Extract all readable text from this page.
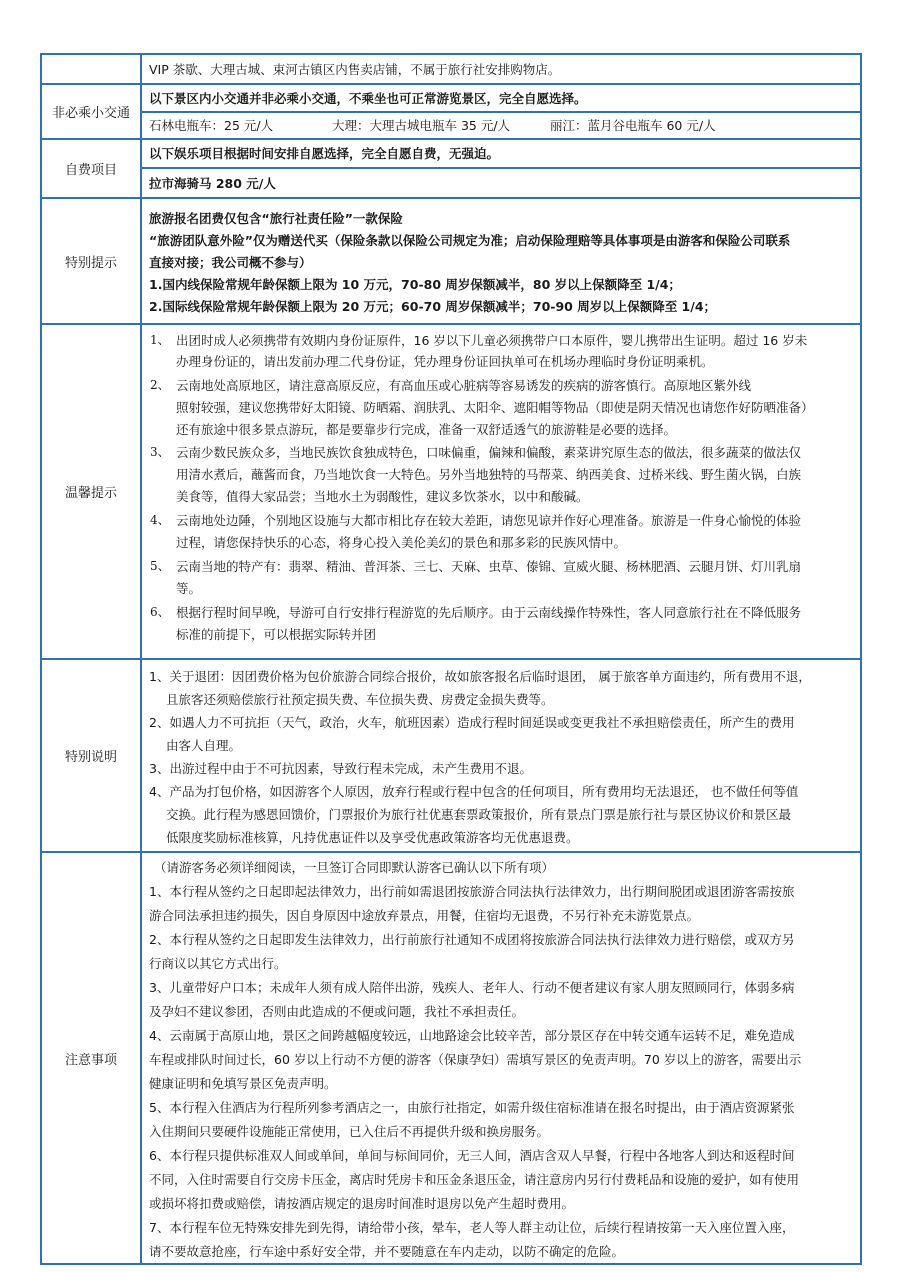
VIP 茶歇、大理古城、束河古镇区内售卖店铺，不属于旅行社安排购物店。
非必乘小交通
以下景区内小交通并非必乘小交通，不乘坐也可正常游览景区，完全自愿选择。
石林电瓶车：25 元/人	大理：大理古城电瓶车 35 元/人	丽江：蓝月谷电瓶车 60 元/人
自费项目
以下娱乐项目根据时间安排自愿选择，完全自愿自费，无强迫。
拉市海骑马 280 元/人
特别提示
旅游报名团费仅包含“旅行社责任险”一款保险
“旅游团队意外险”仅为赠送代买（保险条款以保险公司规定为准；启动保险理赔等具体事项是由游客和保险公司联系
直接对接；我公司概不参与）
1.国内线保险常规年龄保额上限为 10 万元，70-80 周岁保额减半，80 岁以上保额降至 1/4；
2.国际线保险常规年龄保额上限为 20 万元；60-70 周岁保额减半；70-90 周岁以上保额降至 1/4；
温馨提示
1、 出团时成人必须携带有效期内身份证原件，16 岁以下儿童必须携带户口本原件，婴儿携带出生证明。超过 16 岁未
办理身份证的，请出发前办理二代身份证，凭办理身份证回执单可在机场办理临时身份证明乘机。
2、 云南地处高原地区，请注意高原反应，有高血压或心脏病等容易诱发的疾病的游客慎行。高原地区紫外线
照射较强，建议您携带好太阳镜、防晒霜、润肤乳、太阳伞、遮阳帽等物品（即使是阴天情况也请您作好防晒准备）
还有旅途中很多景点游玩，都是要靠步行完成，准备一双舒适透气的旅游鞋是必要的选择。
3、 云南少数民族众多，当地民族饮食独成特色，口味偏重，偏辣和偏酸，素菜讲究原生态的做法，很多蔬菜的做法仅
用清水煮后，蘸酱而食，乃当地饮食一大特色。另外当地独特的马帮菜、纳西美食、过桥米线、野生菌火锅，白族
美食等，值得大家品尝；当地水土为弱酸性，建议多饮茶水，以中和酸碱。
4、 云南地处边陲，个别地区设施与大都市相比存在较大差距，请您见谅并作好心理准备。旅游是一件身心愉悦的体验
过程，请您保持快乐的心态，将身心投入美伦美幻的景色和那多彩的民族风情中。
5、 云南当地的特产有：翡翠、精油、普洱茶、三七、天麻、虫草、傣锦、宣威火腿、杨林肥酒、云腿月饼、灯川乳扇
等。
6、 根据行程时间早晚，导游可自行安排行程游览的先后顺序。由于云南线操作特殊性，客人同意旅行社在不降低服务
标准的前提下，可以根据实际转并团
特别说明
1、关于退团：因团费价格为包价旅游合同综合报价，故如旅客报名后临时退团， 属于旅客单方面违约，所有费用不退，
且旅客还须赔偿旅行社预定损失费、车位损失费、房费定金损失费等。
2、如遇人力不可抗拒（天气，政治，火车，航班因素）造成行程时间延误或变更我社不承担赔偿责任，所产生的费用
由客人自理。
3、出游过程中由于不可抗因素，导致行程未完成，未产生费用不退。
4、产品为打包价格，如因游客个人原因，放弃行程或行程中包含的任何项目，所有费用均无法退还， 也不做任何等值
交换。此行程为感恩回馈价，门票报价为旅行社优惠套票政策报价，所有景点门票是旅行社与景区协议价和景区最
低限度奖励标准核算，凡持优惠证件以及享受优惠政策游客均无优惠退费。
注意事项
（请游客务必须详细阅读，一旦签订合同即默认游客已确认以下所有项）
1、本行程从签约之日起即起法律效力，出行前如需退团按旅游合同法执行法律效力，出行期间脱团或退团游客需按旅
游合同法承担违约损失，因自身原因中途放弃景点，用餐，住宿均无退费，不另行补充未游览景点。
2、本行程从签约之日起即发生法律效力，出行前旅行社通知不成团将按旅游合同法执行法律效力进行赔偿，或双方另
行商议以其它方式出行。
3、儿童带好户口本；未成年人须有成人陪伴出游，残疾人、老年人、行动不便者建议有家人朋友照顾同行，体弱多病
及孕妇不建议参团，否则由此造成的不便或问题，我社不承担责任。
4、云南属于高原山地，景区之间跨越幅度较远，山地路途会比较辛苦，部分景区存在中转交通车运转不足，难免造成
车程或排队时间过长，60 岁以上行动不方便的游客（保康孕妇）需填写景区的免责声明。70 岁以上的游客，需要出示
健康证明和免填写景区免责声明。
5、本行程入住酒店为行程所列参考酒店之一，由旅行社指定，如需升级住宿标准请在报名时提出，由于酒店资源紧张
入住期间只要硬件设施能正常使用，已入住后不再提供升级和换房服务。
6、本行程只提供标准双人间或单间，单间与标间同价，无三人间，酒店含双人早餐，行程中各地客人到达和返程时间
不同，入住时需要自行交房卡压金，离店时凭房卡和压金条退压金，请注意房内另行付费耗品和设施的爱护，如有使用
或损坏将扣费或赔偿，请按酒店规定的退房时间准时退房以免产生超时费用。
7、本行程车位无特殊安排先到先得，请给带小孩，晕车，老人等人群主动让位，后续行程请按第一天入座位置入座，
请不要故意抢座，行车途中系好安全带，并不要随意在车内走动，以防不确定的危险。
